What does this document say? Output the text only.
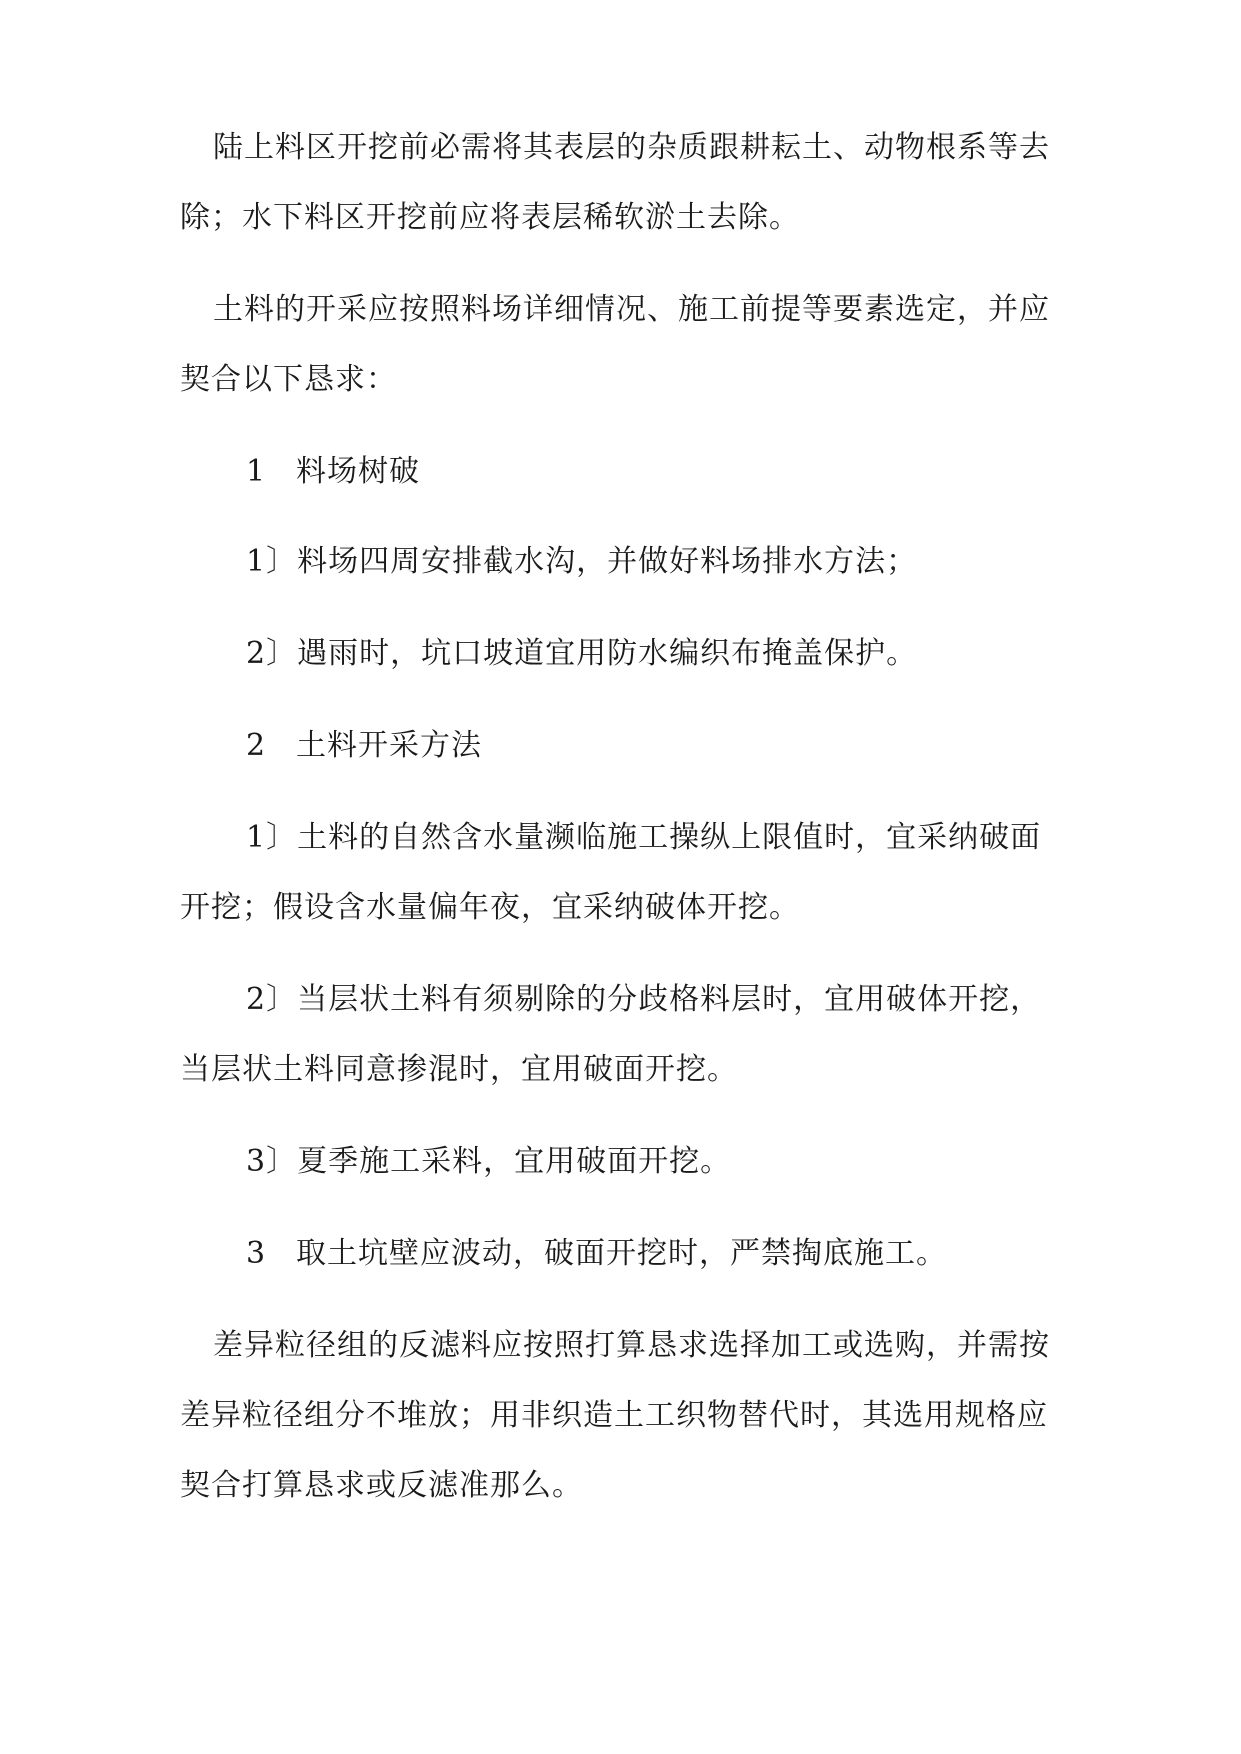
陆上料区开挖前必需将其表层的杂质跟耕耘土、动物根系等去
除；水下料区开挖前应将表层稀软淤土去除。
土料的开采应按照料场详细情况、施工前提等要素选定，并应
契合以下恳求：
1 料场树破
1〕料场四周安排截水沟，并做好料场排水方法；
2〕遇雨时，坑口坡道宜用防水编织布掩盖保护。
2 土料开采方法
1〕土料的自然含水量濒临施工操纵上限值时，宜采纳破面
开挖；假设含水量偏年夜，宜采纳破体开挖。
2〕当层状土料有须剔除的分歧格料层时，宜用破体开挖，
当层状土料同意掺混时，宜用破面开挖。
3〕夏季施工采料，宜用破面开挖。
3 取土坑壁应波动，破面开挖时，严禁掏底施工。
差异粒径组的反滤料应按照打算恳求选择加工或选购，并需按
差异粒径组分不堆放；用非织造土工织物替代时，其选用规格应
契合打算恳求或反滤准那么。
